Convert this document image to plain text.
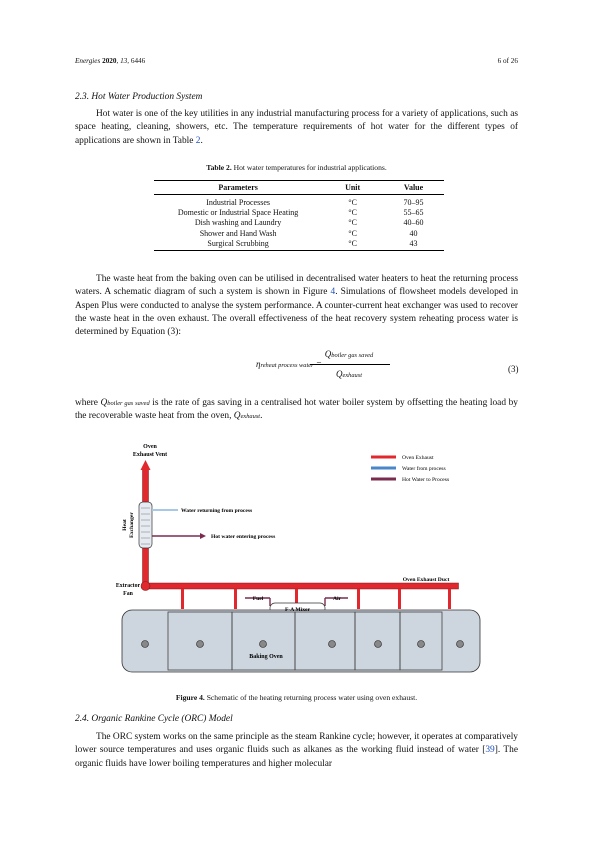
Energies 2020, 13, 6446	6 of 26
2.3. Hot Water Production System
Hot water is one of the key utilities in any industrial manufacturing process for a variety of applications, such as space heating, cleaning, showers, etc. The temperature requirements of hot water for the different types of applications are shown in Table 2.
Table 2. Hot water temperatures for industrial applications.
Parameters	Unit	Value
Industrial Processes	°C	70–95
Domestic or Industrial Space Heating	°C	55–65
Dish washing and Laundry	°C	40–60
Shower and Hand Wash	°C	40
Surgical Scrubbing	°C	43
The waste heat from the baking oven can be utilised in decentralised water heaters to heat the returning process waters. A schematic diagram of such a system is shown in Figure 4. Simulations of flowsheet models developed in Aspen Plus were conducted to analyse the system performance. A counter-current heat exchanger was used to recover the waste heat in the oven exhaust. The overall effectiveness of the heat recovery system reheating process water is determined by Equation (3):
ηreheat process water =
Qboiler gas saved
Qexhaust
(3)
where Qboiler gas saved is the rate of gas saving in a centralised hot water boiler system by offsetting the heating load by the recoverable waste heat from the oven, Qexhaust.
Oven
Exhaust Vent
Water returning from process
Hot water entering process
Heat Exchanger
Extractor
Fan
Oven Exhaust Duct
Fuel	Air
F-A Mixer
Baking Oven
Oven Exhaust
Water from process
Hot Water to Process
Figure 4. Schematic of the heating returning process water using oven exhaust.
2.4. Organic Rankine Cycle (ORC) Model
The ORC system works on the same principle as the steam Rankine cycle; however, it operates at comparatively lower source temperatures and uses organic fluids such as alkanes as the working fluid instead of water [39]. The organic fluids have lower boiling temperatures and higher molecular
